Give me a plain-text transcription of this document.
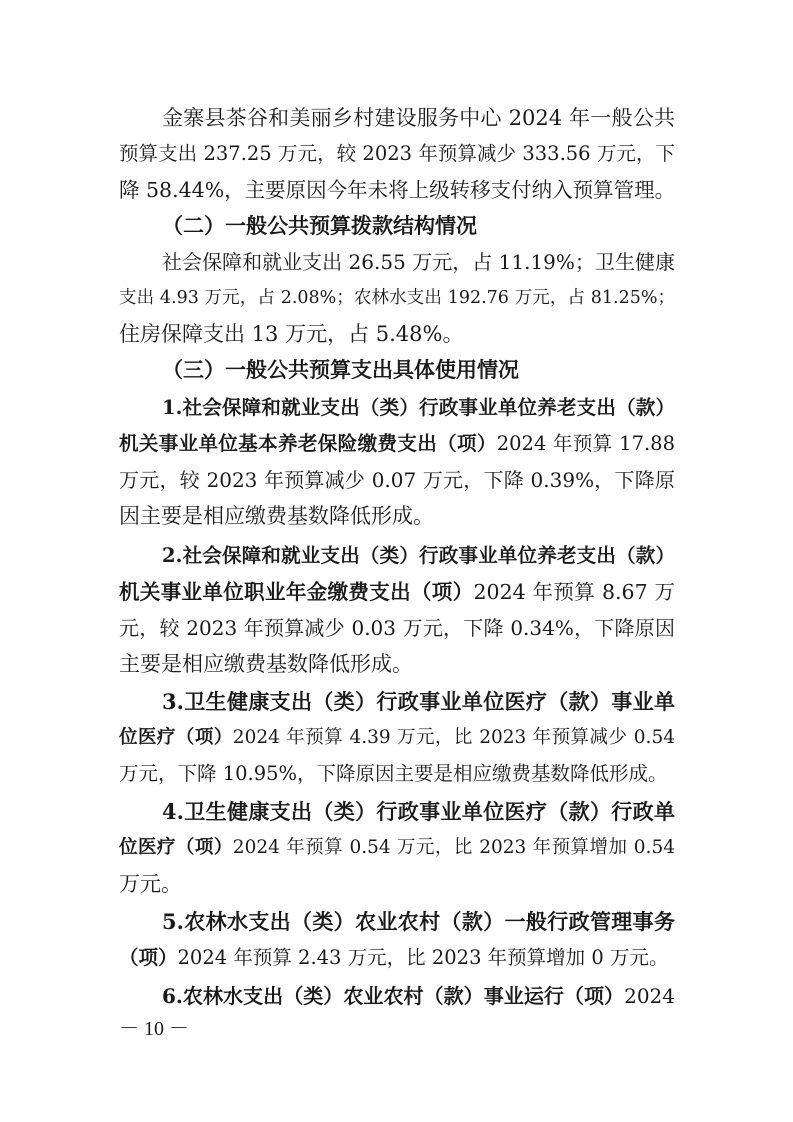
金寨县茶谷和美丽乡村建设服务中心 2024 年一般公共
预算支出 237.25 万元，较 2023 年预算减少 333.56 万元，下
降 58.44%，主要原因今年未将上级转移支付纳入预算管理。
（二）一般公共预算拨款结构情况
社会保障和就业支出 26.55 万元，占 11.19%；卫生健康
支出 4.93 万元，占 2.08%；农林水支出 192.76 万元，占 81.25%；
住房保障支出 13 万元，占 5.48%。
（三）一般公共预算支出具体使用情况
1.社会保障和就业支出（类）行政事业单位养老支出（款）
机关事业单位基本养老保险缴费支出（项）2024 年预算 17.88
万元，较 2023 年预算减少 0.07 万元，下降 0.39%，下降原
因主要是相应缴费基数降低形成。
2.社会保障和就业支出（类）行政事业单位养老支出（款）
机关事业单位职业年金缴费支出（项）2024 年预算 8.67 万
元，较 2023 年预算减少 0.03 万元，下降 0.34%，下降原因
主要是相应缴费基数降低形成。
3.卫生健康支出（类）行政事业单位医疗（款）事业单
位医疗（项）2024 年预算 4.39 万元，比 2023 年预算减少 0.54
万元，下降 10.95%，下降原因主要是相应缴费基数降低形成。
4.卫生健康支出（类）行政事业单位医疗（款）行政单
位医疗（项）2024 年预算 0.54 万元，比 2023 年预算增加 0.54
万元。
5.农林水支出（类）农业农村（款）一般行政管理事务
（项）2024 年预算 2.43 万元，比 2023 年预算增加 0 万元。
6.农林水支出（类）农业农村（款）事业运行（项）2024
－ 10 －
